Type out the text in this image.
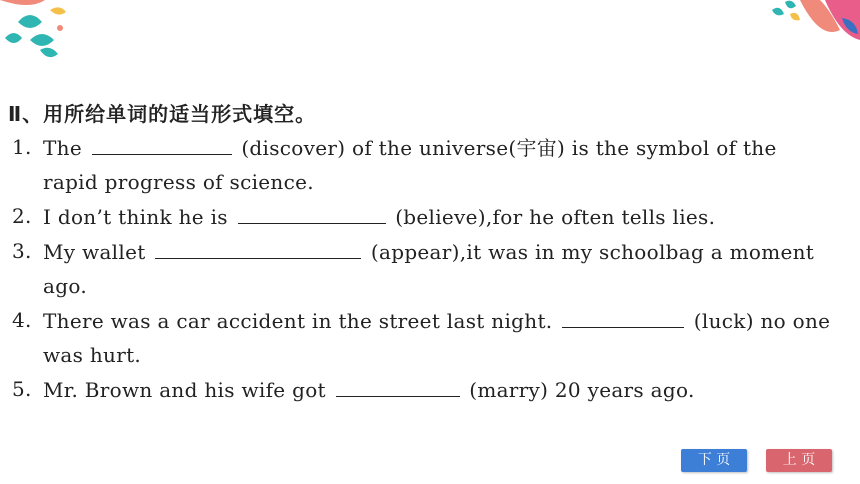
Ⅱ、用所给单词的适当形式填空。
1. The	(discover) of the universe(宇宙) is the symbol of the rapid progress of science.
2. I don’t think he is	(believe),for he often tells lies.
3. My wallet	(appear),it was in my schoolbag a moment ago.
4. There was a car accident in the street last night.	(luck) no one was hurt.
5. Mr. Brown and his wife got	(marry) 20 years ago.
下 页	上 页
